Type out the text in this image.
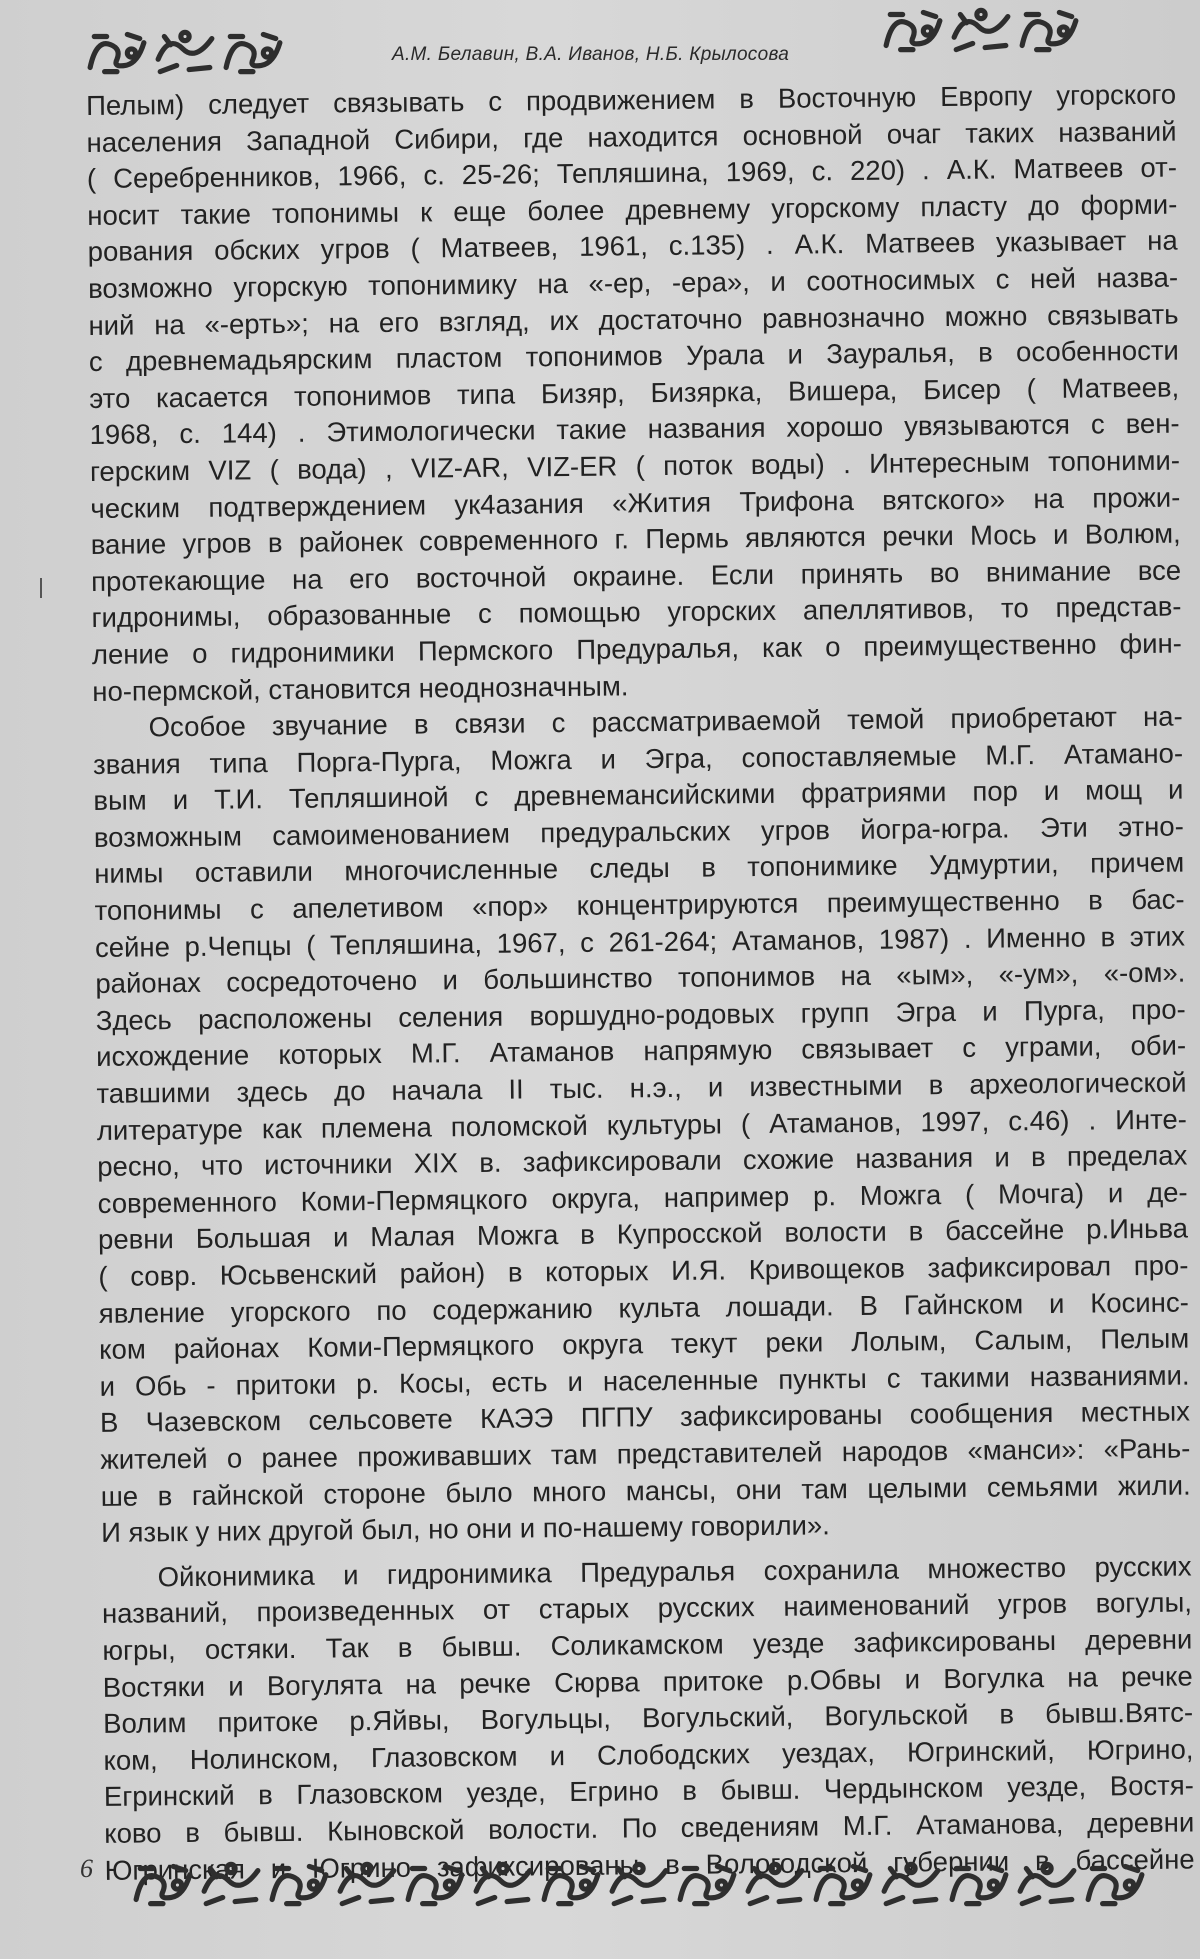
А.М. Белавин, В.А. Иванов, Н.Б. Крылосова
Пелым) следует связывать с продвижением в Восточную Европу угорского
населения Западной Сибири, где находится основной очаг таких названий
( Серебренников, 1966, с. 25-26; Тепляшина, 1969, с. 220) . А.К. Матвеев от-
носит такие топонимы к еще более древнему угорскому пласту до форми-
рования обских угров ( Матвеев, 1961, с.135) . А.К. Матвеев указывает на
возможно угорскую топонимику на «-ер, -ера», и соотносимых с ней назва-
ний на «-ерть»; на его взгляд, их достаточно равнозначно можно связывать
с древнемадьярским пластом топонимов Урала и Зауралья, в особенности
это касается топонимов типа Бизяр, Бизярка, Вишера, Бисер ( Матвеев,
1968, с. 144) . Этимологически такие названия хорошо увязываются с вен-
герским VIZ ( вода) , VIZ-AR, VIZ-ER ( поток воды) . Интересным топоними-
ческим подтверждением ук4азания «Жития Трифона вятского» на прожи-
вание угров в районек современного г. Пермь являются речки Мось и Волюм,
протекающие на его восточной окраине. Если принять во внимание все
гидронимы, образованные с помощью угорских апеллятивов, то представ-
ление о гидронимики Пермского Предуралья, как о преимущественно фин-
но-пермской, становится неоднозначным.
Особое звучание в связи с рассматриваемой темой приобретают на-
звания типа Порга-Пурга, Можга и Эгра, сопоставляемые М.Г. Атамано-
вым и Т.И. Тепляшиной с древнемансийскими фратриями пор и мощ и
возможным самоименованием предуральских угров йогра-югра. Эти этно-
нимы оставили многочисленные следы в топонимике Удмуртии, причем
топонимы с апелетивом «пор» концентрируются преимущественно в бас-
сейне р.Чепцы ( Тепляшина, 1967, с 261-264; Атаманов, 1987) . Именно в этих
районах сосредоточено и большинство топонимов на «ым», «-ум», «-ом».
Здесь расположены селения воршудно-родовых групп Эгра и Пурга, про-
исхождение которых М.Г. Атаманов напрямую связывает с уграми, оби-
тавшими здесь до начала II тыс. н.э., и известными в археологической
литературе как племена поломской культуры ( Атаманов, 1997, с.46) . Инте-
ресно, что источники XIX в. зафиксировали схожие названия и в пределах
современного Коми-Пермяцкого округа, например р. Можга ( Мочга) и де-
ревни Большая и Малая Можга в Купросской волости в бассейне р.Иньва
( совр. Юсьвенский район) в которых И.Я. Кривощеков зафиксировал про-
явление угорского по содержанию культа лошади. В Гайнском и Косинс-
ком районах Коми-Пермяцкого округа текут реки Лолым, Салым, Пелым
и Обь - притоки р. Косы, есть и населенные пункты с такими названиями.
В Чазевском сельсовете КАЭЭ ПГПУ зафиксированы сообщения местных
жителей о ранее проживавших там представителей народов «манси»: «Рань-
ше в гайнской стороне было много мансы, они там целыми семьями жили.
И язык у них другой был, но они и по-нашему говорили».
Ойконимика и гидронимика Предуралья сохранила множество русских
названий, произведенных от старых русских наименований угров вогулы,
югры, остяки. Так в бывш. Соликамском уезде зафиксированы деревни
Востяки и Вогулята на речке Сюрва притоке р.Обвы и Вогулка на речке
Волим притоке р.Яйвы, Вогульцы, Вогульский, Вогульской в бывш.Вятс-
ком, Нолинском, Глазовском и Слободских уездах, Югринский, Югрино,
Егринский в Глазовском уезде, Егрино в бывш. Чердынском уезде, Востя-
ково в бывш. Кыновской волости. По сведениям М.Г. Атаманова, деревни
Югринская и Югрино зафиксированы в Вологодской губернии в бассейне
6
